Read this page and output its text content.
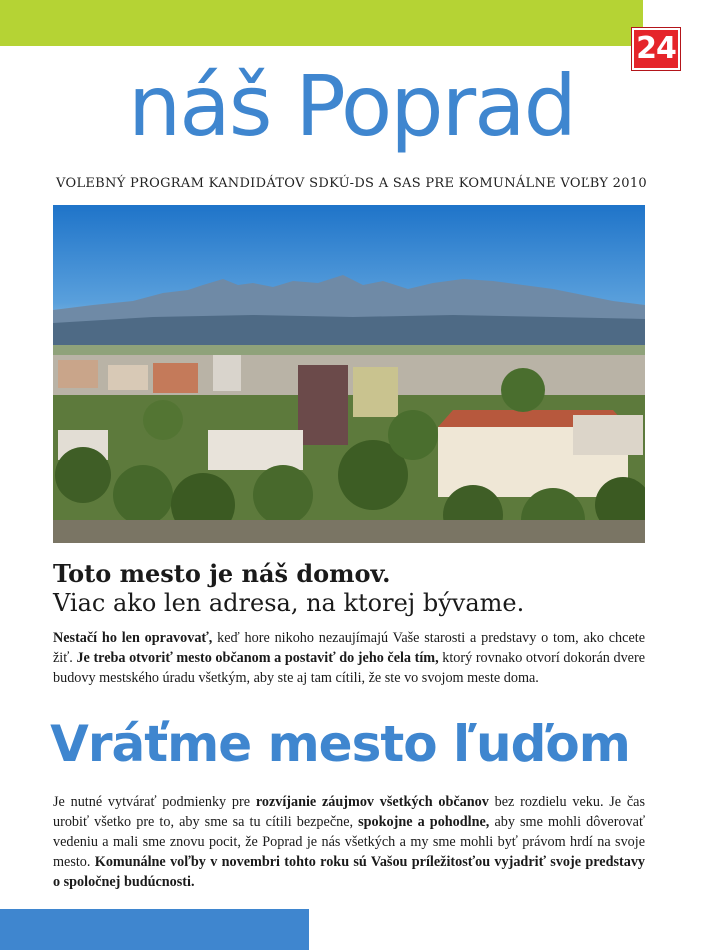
24
náš Poprad
VOLEBNÝ PROGRAM KANDIDÁTOV SDKÚ-DS A SAS PRE KOMUNÁLNE VOĽBY 2010
Toto mesto je náš domov.
Viac ako len adresa, na ktorej bývame.
Nestačí ho len opravovať, keď hore nikoho nezaujímajú Vaše starosti a predstavy o tom, ako chcete žiť. Je treba otvoriť mesto občanom a postaviť do jeho čela tím, ktorý rovnako otvorí dokorán dvere budovy mestského úradu všetkým, aby ste aj tam cítili, že ste vo svojom meste doma.
Vráťme mesto ľuďom
Je nutné vytvárať podmienky pre rozvíjanie záujmov všetkých občanov bez rozdielu veku. Je čas urobiť všetko pre to, aby sme sa tu cítili bezpečne, spokojne a pohodlne, aby sme mohli dôverovať vedeniu a mali sme znovu pocit, že Poprad je nás všetkých a my sme mohli byť právom hrdí na svoje mesto. Komunálne voľby v novembri tohto roku sú Vašou príležitosťou vyjadriť svoje predstavy o spoločnej budúcnosti.
